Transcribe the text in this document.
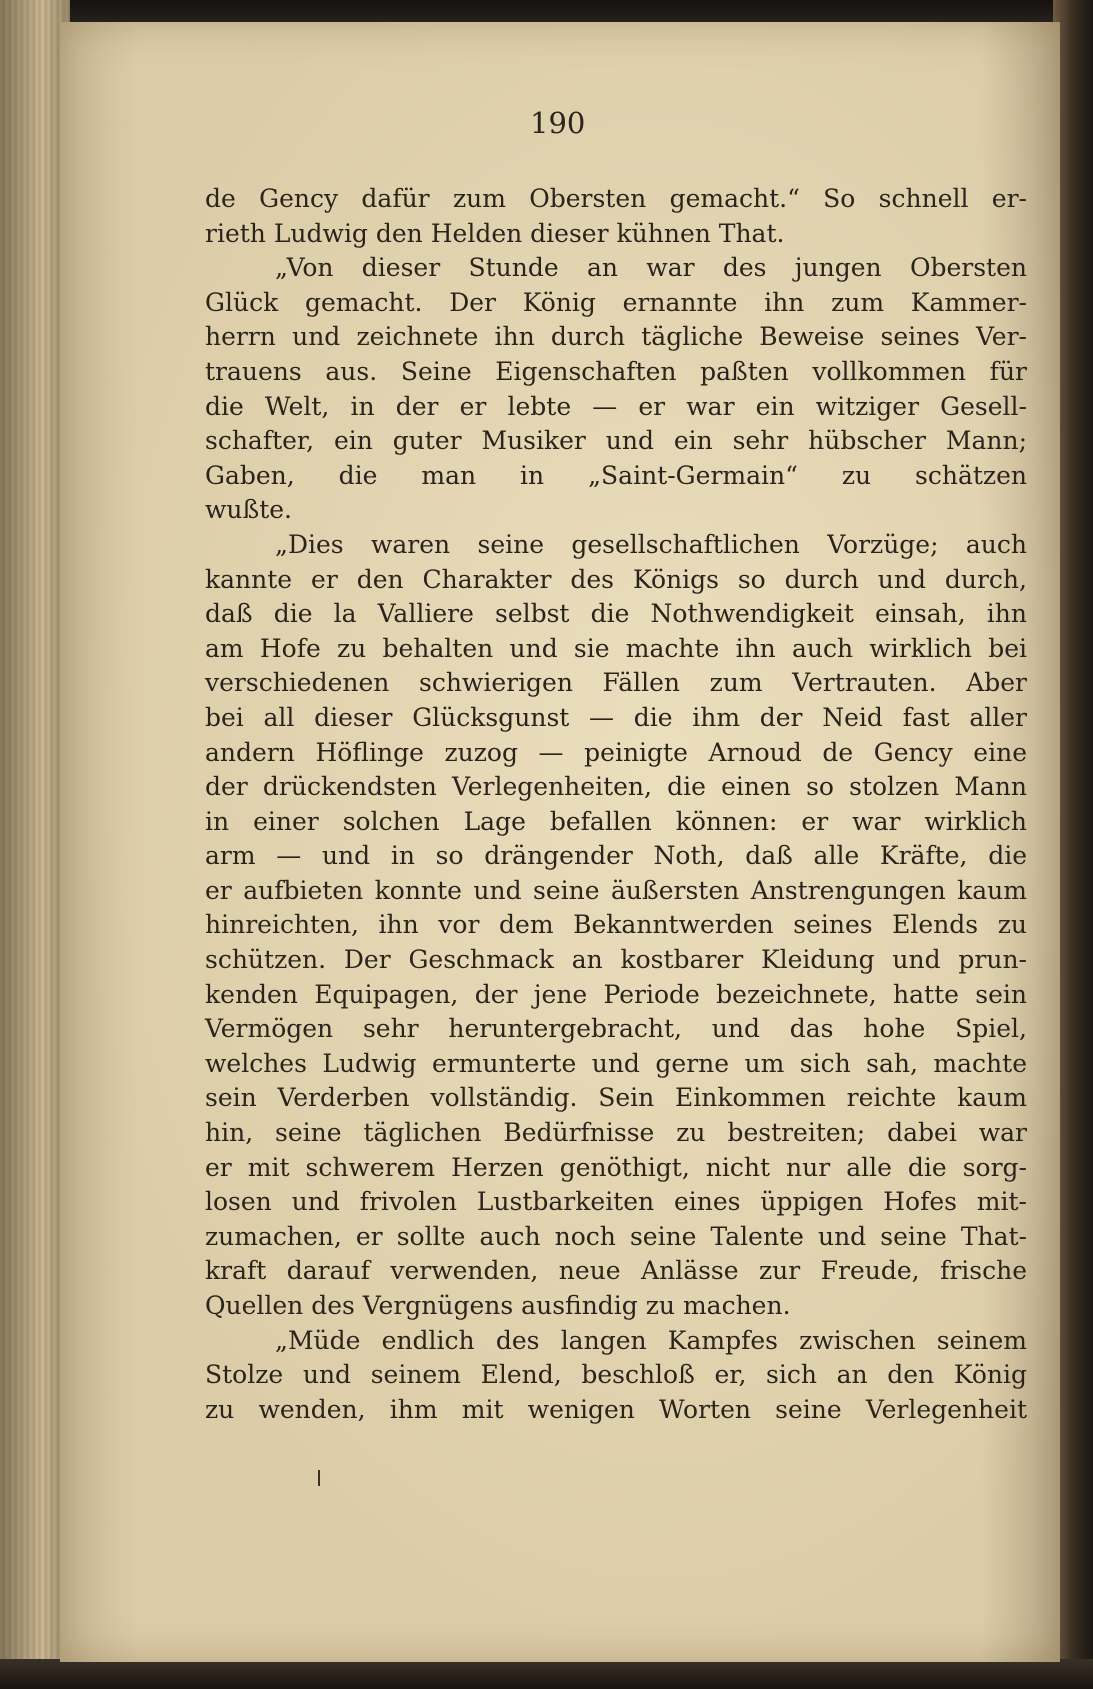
190
de Gency dafür zum Obersten gemacht.“ So schnell er-
rieth Ludwig den Helden dieser kühnen That.
„Von dieser Stunde an war des jungen Obersten
Glück gemacht. Der König ernannte ihn zum Kammer-
herrn und zeichnete ihn durch tägliche Beweise seines Ver-
trauens aus. Seine Eigenschaften paßten vollkommen für
die Welt, in der er lebte — er war ein witziger Gesell-
schafter, ein guter Musiker und ein sehr hübscher Mann;
Gaben, die man in „Saint-Germain“ zu schätzen
wußte.
„Dies waren seine gesellschaftlichen Vorzüge; auch
kannte er den Charakter des Königs so durch und durch,
daß die la Valliere selbst die Nothwendigkeit einsah, ihn
am Hofe zu behalten und sie machte ihn auch wirklich bei
verschiedenen schwierigen Fällen zum Vertrauten. Aber
bei all dieser Glücksgunst — die ihm der Neid fast aller
andern Höflinge zuzog — peinigte Arnoud de Gency eine
der drückendsten Verlegenheiten, die einen so stolzen Mann
in einer solchen Lage befallen können: er war wirklich
arm — und in so drängender Noth, daß alle Kräfte, die
er aufbieten konnte und seine äußersten Anstrengungen kaum
hinreichten, ihn vor dem Bekanntwerden seines Elends zu
schützen. Der Geschmack an kostbarer Kleidung und prun-
kenden Equipagen, der jene Periode bezeichnete, hatte sein
Vermögen sehr heruntergebracht, und das hohe Spiel,
welches Ludwig ermunterte und gerne um sich sah, machte
sein Verderben vollständig. Sein Einkommen reichte kaum
hin, seine täglichen Bedürfnisse zu bestreiten; dabei war
er mit schwerem Herzen genöthigt, nicht nur alle die sorg-
losen und frivolen Lustbarkeiten eines üppigen Hofes mit-
zumachen, er sollte auch noch seine Talente und seine That-
kraft darauf verwenden, neue Anlässe zur Freude, frische
Quellen des Vergnügens ausfindig zu machen.
„Müde endlich des langen Kampfes zwischen seinem
Stolze und seinem Elend, beschloß er, sich an den König
zu wenden, ihm mit wenigen Worten seine Verlegenheit
